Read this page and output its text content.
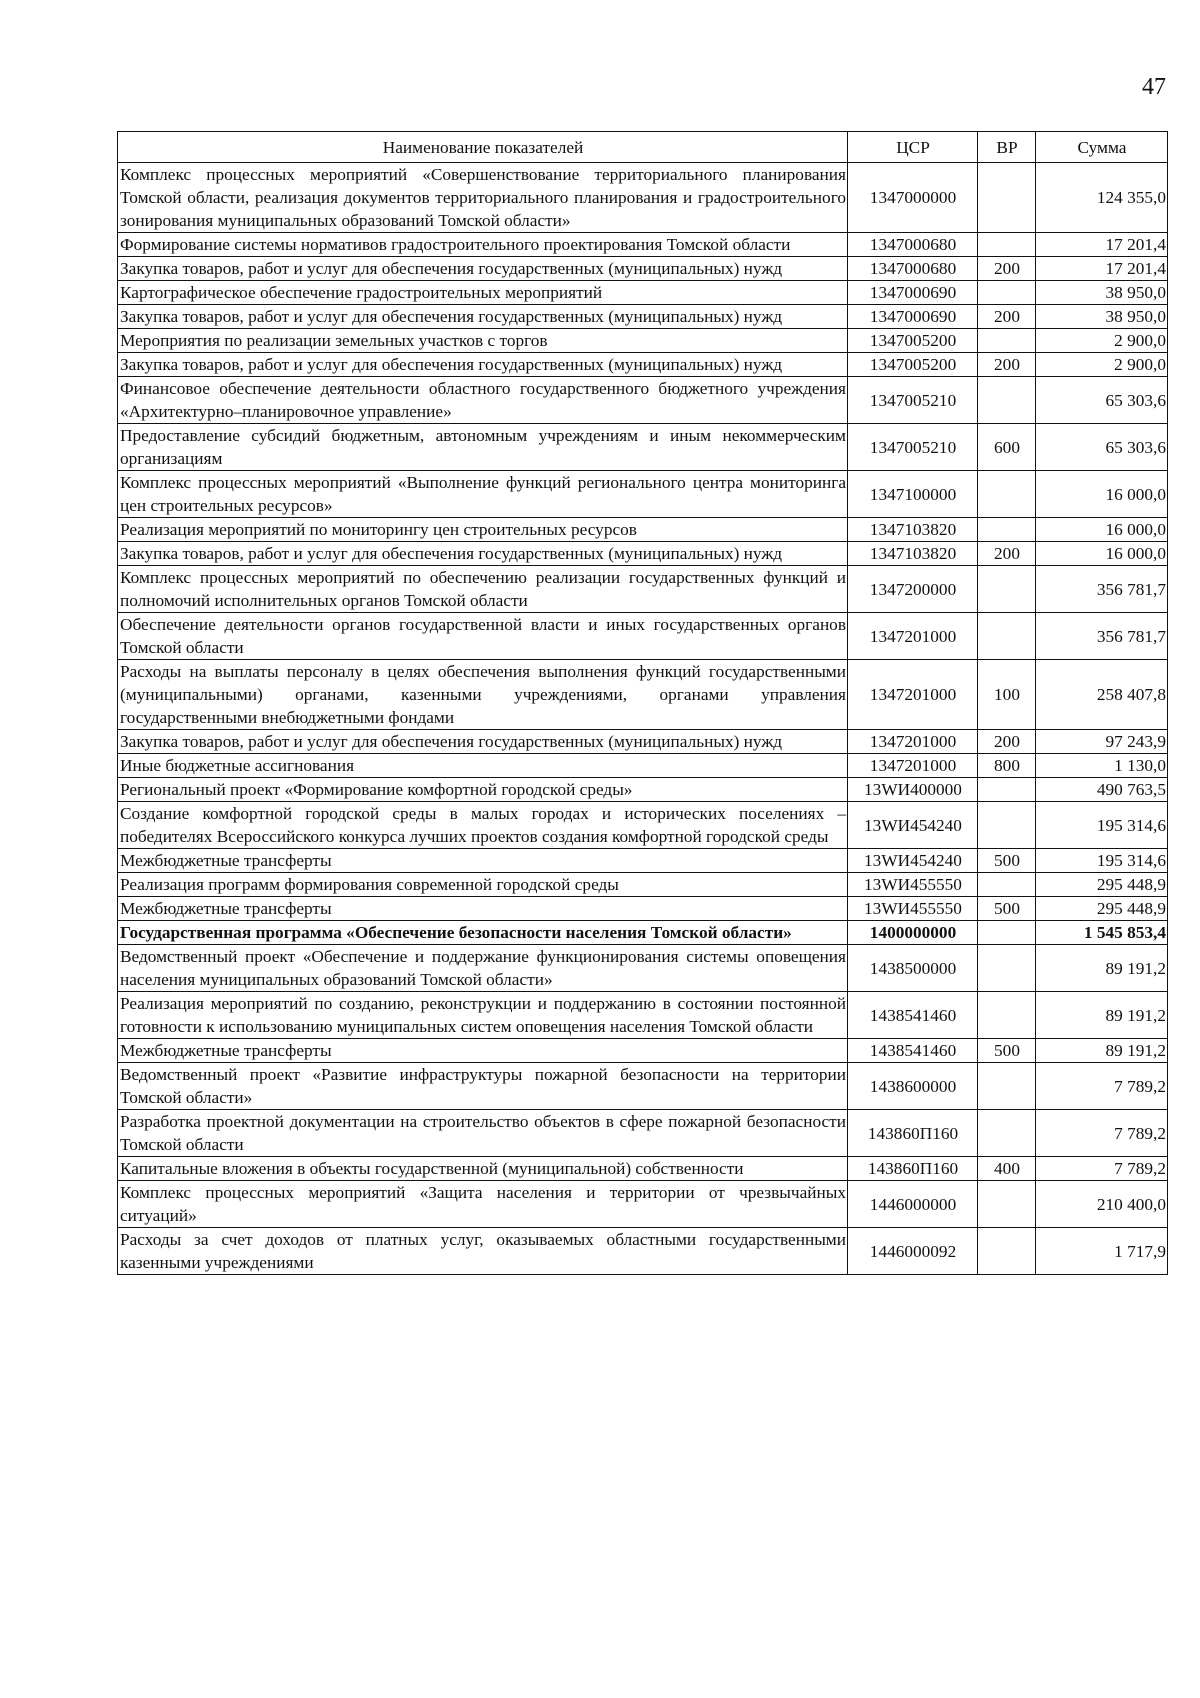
47
Наименование показателей	ЦСР	ВР	Сумма
Комплекс процессных мероприятий «Совершенствование территориального планирования Томской области, реализация документов территориального планирования и градостроительного зонирования муниципальных образований Томской области»	1347000000		124 355,0
Формирование системы нормативов градостроительного проектирования Томской области	1347000680		17 201,4
Закупка товаров, работ и услуг для обеспечения государственных (муниципальных) нужд	1347000680	200	17 201,4
Картографическое обеспечение градостроительных мероприятий	1347000690		38 950,0
Закупка товаров, работ и услуг для обеспечения государственных (муниципальных) нужд	1347000690	200	38 950,0
Мероприятия по реализации земельных участков с торгов	1347005200		2 900,0
Закупка товаров, работ и услуг для обеспечения государственных (муниципальных) нужд	1347005200	200	2 900,0
Финансовое обеспечение деятельности областного государственного бюджетного учреждения «Архитектурно–планировочное управление»	1347005210		65 303,6
Предоставление субсидий бюджетным, автономным учреждениям и иным некоммерческим организациям	1347005210	600	65 303,6
Комплекс процессных мероприятий «Выполнение функций регионального центра мониторинга цен строительных ресурсов»	1347100000		16 000,0
Реализация мероприятий по мониторингу цен строительных ресурсов	1347103820		16 000,0
Закупка товаров, работ и услуг для обеспечения государственных (муниципальных) нужд	1347103820	200	16 000,0
Комплекс процессных мероприятий по обеспечению реализации государственных функций и полномочий исполнительных органов Томской области	1347200000		356 781,7
Обеспечение деятельности органов государственной власти и иных государственных органов Томской области	1347201000		356 781,7
Расходы на выплаты персоналу в целях обеспечения выполнения функций государственными (муниципальными) органами, казенными учреждениями, органами управления государственными внебюджетными фондами	1347201000	100	258 407,8
Закупка товаров, работ и услуг для обеспечения государственных (муниципальных) нужд	1347201000	200	97 243,9
Иные бюджетные ассигнования	1347201000	800	1 130,0
Региональный проект «Формирование комфортной городской среды»	13WИ400000		490 763,5
Создание комфортной городской среды в малых городах и исторических поселениях – победителях Всероссийского конкурса лучших проектов создания комфортной городской среды	13WИ454240		195 314,6
Межбюджетные трансферты	13WИ454240	500	195 314,6
Реализация программ формирования современной городской среды	13WИ455550		295 448,9
Межбюджетные трансферты	13WИ455550	500	295 448,9
Государственная программа «Обеспечение безопасности населения Томской области»	1400000000		1 545 853,4
Ведомственный проект «Обеспечение и поддержание функционирования системы оповещения населения муниципальных образований Томской области»	1438500000		89 191,2
Реализация мероприятий по созданию, реконструкции и поддержанию в состоянии постоянной готовности к использованию муниципальных систем оповещения населения Томской области	1438541460		89 191,2
Межбюджетные трансферты	1438541460	500	89 191,2
Ведомственный проект «Развитие инфраструктуры пожарной безопасности на территории Томской области»	1438600000		7 789,2
Разработка проектной документации на строительство объектов в сфере пожарной безопасности Томской области	143860П160		7 789,2
Капитальные вложения в объекты государственной (муниципальной) собственности	143860П160	400	7 789,2
Комплекс процессных мероприятий «Защита населения и территории от чрезвычайных ситуаций»	1446000000		210 400,0
Расходы за счет доходов от платных услуг, оказываемых областными государственными казенными учреждениями	1446000092		1 717,9
